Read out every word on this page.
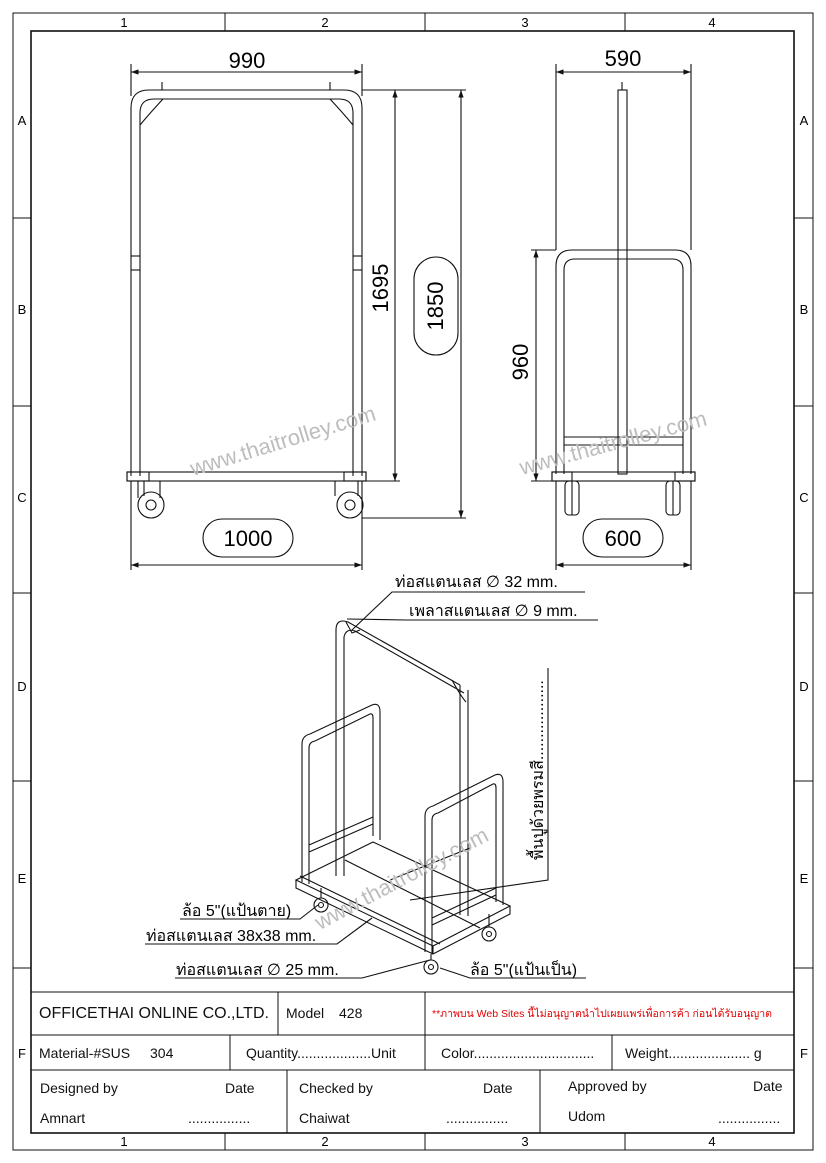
1	2	3	4
1	2	3	4
A
B
C
D
E
F
A
B
C
D
E
F
990
1695 1850
1000
www.thaitrolley.com
590
960
600
www.thaitrolley.com
www.thaitrolley.com
ท่อสแตนเลส ∅ 32 mm.
เพลาสแตนเลส ∅ 9 mm.
พื้นปูด้วยพรมสี..................
ล้อ 5"(แป้นตาย)
ท่อสแตนเลส 38x38 mm.
ท่อสแตนเลส ∅ 25 mm.	ล้อ 5"(แป้นเป็น)
OFFICETHAI ONLINE CO.,LTD. Model 428	**ภาพบน Web Sites นี้ไม่อนุญาตนำไปเผยแพร่เพื่อการค้า ก่อนได้รับอนุญาต
Material-#SUS 304	Quantity...................Unit	Color............................... Weight..................... g
Designed by	Date
Amnart	................
Checked by	Date
Chaiwat	................
Approved by	Date
Udom	................
